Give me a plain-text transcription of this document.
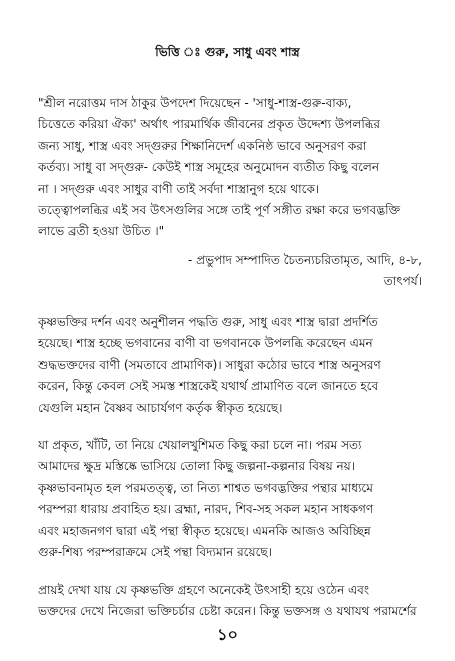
ভিত্তি ঃ গুরু, সাধু এবং শাস্ত্র
"শ্রীল নরোত্তম দাস ঠাকুর উপদেশ দিয়েছেন - 'সাধু-শাস্ত্র-গুরু-বাক্য,
চিত্তেতে করিয়া ঐক্য' অর্থাৎ পারমার্থিক জীবনের প্রকৃত উদ্দেশ্য উপলব্ধির
জন্য সাধু, শাস্ত্র এবং সদ্গুরুর শিক্ষানিদের্শ একনিষ্ঠ ভাবে অনুসরণ করা
কর্তব্য। সাধু বা সদ্গুরু- কেউই শাস্ত্র সমূহের অনুমোদন ব্যতীত কিছু বলেন
না । সদ্গুরু এবং সাধুর বাণী তাই সর্বদা শাস্ত্রানুগ হয়ে থাকে।
তত্ত্বোপলব্ধির এই সব উৎসগুলির সঙ্গে তাই পূর্ণ সঙ্গীত রক্ষা করে ভগবদ্ভক্তি
লাভে ব্রতী হওয়া উচিত ।"
- প্রভুপাদ সম্পাদিত চৈতন্যচরিতামৃত, আদি, ৪-৮,
তাৎপর্য।
কৃষ্ণভক্তির দর্শন এবং অনুশীলন পদ্ধতি গুরু, সাধু এবং শাস্ত্র দ্বারা প্রদর্শিত
হয়েছে। শাস্ত্র হচ্ছে ভগবানের বাণী বা ভগবানকে উপলব্ধি করেছেন এমন
শুদ্ধভক্তদের বাণী (সমতাবে প্রামাণিক)। সাধুরা কঠোর ভাবে শাস্ত্র অনুসরণ
করেন, কিন্তু কেবল সেই সমস্ত শাস্ত্রকেই যথার্থ প্রামাণিত বলে জানতে হবে
যেগুলি মহান বৈষ্ণব আচার্যগণ কর্তৃক স্বীকৃত হয়েছে।
যা প্রকৃত, খাঁটি, তা নিয়ে খেয়ালখুশিমত কিছু করা চলে না। পরম সত্য
আমাদের ক্ষুদ্র মস্তিষ্কে ভাসিয়ে তোলা কিছু জল্পনা-কল্পনার বিষয় নয়।
কৃষ্ণভাবনামৃত হল পরমতত্ত্ব, তা নিত্য শাশ্বত ভগবদ্ভক্তির পন্থার মাধ্যমে
পরম্পরা ধারায় প্রবাহিত হয়। ব্রহ্মা, নারদ, শিব-সহ সকল মহান সাধকগণ
এবং মহাজনগণ দ্বারা এই পন্থা স্বীকৃত হয়েছে। এমনকি আজও অবিচ্ছিন্ন
গুরু-শিষ্য পরম্পরাক্রমে সেই পন্থা বিদ্যমান রয়েছে।
প্রায়ই দেখা যায় যে কৃষ্ণভক্তি গ্রহণে অনেকেই উৎসাহী হয়ে ওঠেন এবং
ভক্তদের দেখে নিজেরা ভক্তিচর্চার চেষ্টা করেন। কিন্তু ভক্তসঙ্গ ও যথাযথ পরামর্শের
১০
